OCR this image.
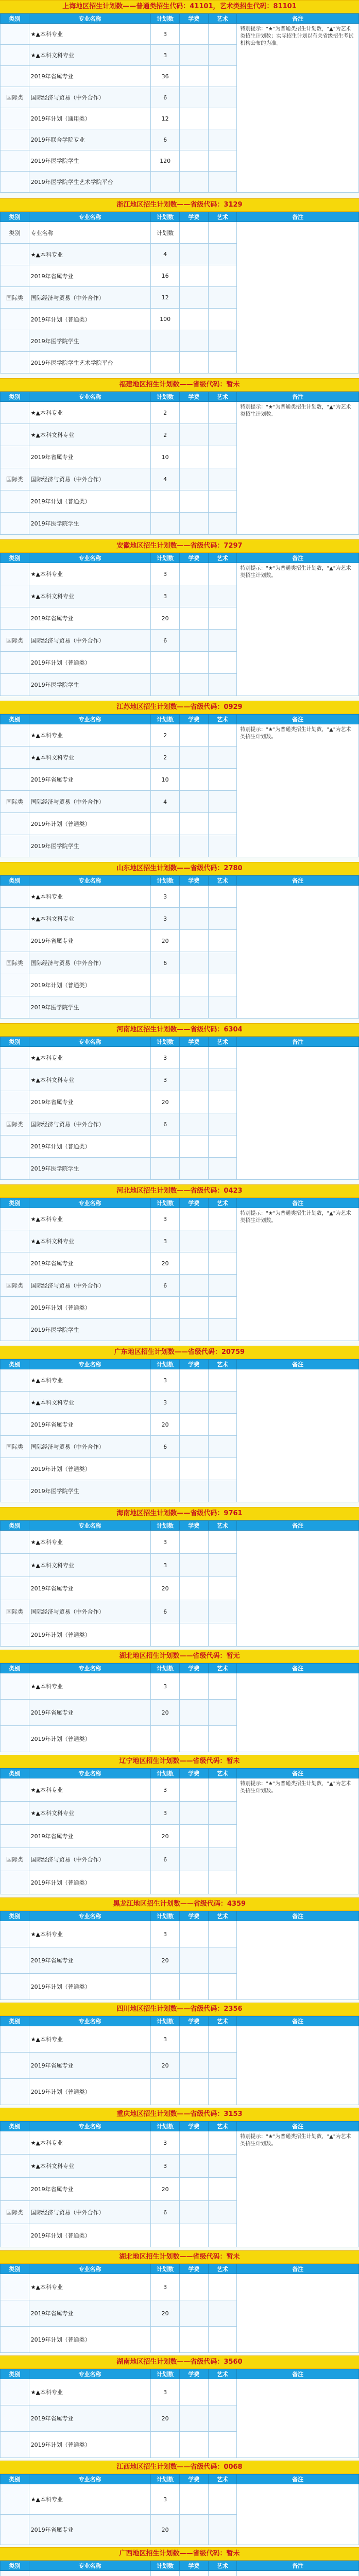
上海地区招生计划数——普通类招生代码：41101，艺术类招生代码：81101
类别	专业名称	计划数	学费	艺术	备注
	★▲本科专业	3			特别提示："★"为普通类招生计划数，"▲"为艺术类招生计划数；实际招生计划以有关省级招生考试机构公布的为准。
	★▲本科文科专业	3			
	2019年省属专业	36			
国际类	国际经济与贸易（中外合作）	6			
	2019年计划（通用类）	12			
	2019年联合学院专业	6			
	2019年医学院学生	120			
	2019年医学院学生艺术学院平台				
浙江地区招生计划数——省级代码：3129
类别	专业名称	计划数	学费	艺术	备注
类别	专业名称	计划数			
	★▲本科专业	4			
	2019年省属专业	16			
国际类	国际经济与贸易（中外合作）	12			
	2019年计划（普通类）	100			
	2019年医学院学生				
	2019年医学院学生艺术学院平台				
福建地区招生计划数——省级代码：暂未
类别	专业名称	计划数	学费	艺术	备注
	★▲本科专业	2			特别提示："★"为普通类招生计划数，"▲"为艺术类招生计划数。
	★▲本科文科专业	2			
	2019年省属专业	10			
国际类	国际经济与贸易（中外合作）	4			
	2019年计划（普通类）				
	2019年医学院学生				
安徽地区招生计划数——省级代码：7297
类别	专业名称	计划数	学费	艺术	备注
	★▲本科专业	3			特别提示："★"为普通类招生计划数，"▲"为艺术类招生计划数。
	★▲本科文科专业	3			
	2019年省属专业	20			
国际类	国际经济与贸易（中外合作）	6			
	2019年计划（普通类）				
	2019年医学院学生				
江苏地区招生计划数——省级代码：0929
类别	专业名称	计划数	学费	艺术	备注
	★▲本科专业	2			特别提示："★"为普通类招生计划数，"▲"为艺术类招生计划数。
	★▲本科文科专业	2			
	2019年省属专业	10			
国际类	国际经济与贸易（中外合作）	4			
	2019年计划（普通类）				
	2019年医学院学生				
山东地区招生计划数——省级代码：2780
类别	专业名称	计划数	学费	艺术	备注
	★▲本科专业	3			
	★▲本科文科专业	3			
	2019年省属专业	20			
国际类	国际经济与贸易（中外合作）	6			
	2019年计划（普通类）				
	2019年医学院学生				
河南地区招生计划数——省级代码：6304
类别	专业名称	计划数	学费	艺术	备注
	★▲本科专业	3			
	★▲本科文科专业	3			
	2019年省属专业	20			
国际类	国际经济与贸易（中外合作）	6			
	2019年计划（普通类）				
	2019年医学院学生				
河北地区招生计划数——省级代码：0423
类别	专业名称	计划数	学费	艺术	备注
	★▲本科专业	3			特别提示："★"为普通类招生计划数，"▲"为艺术类招生计划数。
	★▲本科文科专业	3			
	2019年省属专业	20			
国际类	国际经济与贸易（中外合作）	6			
	2019年计划（普通类）				
	2019年医学院学生				
广东地区招生计划数——省级代码：20759
类别	专业名称	计划数	学费	艺术	备注
	★▲本科专业	3			
	★▲本科文科专业	3			
	2019年省属专业	20			
国际类	国际经济与贸易（中外合作）	6			
	2019年计划（普通类）				
	2019年医学院学生				
海南地区招生计划数——省级代码：9761
类别	专业名称	计划数	学费	艺术	备注
	★▲本科专业	3			
	★▲本科文科专业	3			
	2019年省属专业	20			
国际类	国际经济与贸易（中外合作）	6			
	2019年计划（普通类）				
湖北地区招生计划数——省级代码：暂无
类别	专业名称	计划数	学费	艺术	备注
	★▲本科专业	3			
	2019年省属专业	20			
	2019年计划（普通类）				
辽宁地区招生计划数——省级代码：暂未
类别	专业名称	计划数	学费	艺术	备注
	★▲本科专业	3			特别提示："★"为普通类招生计划数，"▲"为艺术类招生计划数。
	★▲本科文科专业	3			
	2019年省属专业	20			
国际类	国际经济与贸易（中外合作）	6			
	2019年计划（普通类）				
黑龙江地区招生计划数——省级代码：4359
类别	专业名称	计划数	学费	艺术	备注
	★▲本科专业	3			
	2019年省属专业	20			
	2019年计划（普通类）				
四川地区招生计划数——省级代码：2356
类别	专业名称	计划数	学费	艺术	备注
	★▲本科专业	3			
	2019年省属专业	20			
	2019年计划（普通类）				
重庆地区招生计划数——省级代码：3153
类别	专业名称	计划数	学费	艺术	备注
	★▲本科专业	3			特别提示："★"为普通类招生计划数，"▲"为艺术类招生计划数。
	★▲本科文科专业	3			
	2019年省属专业	20			
国际类	国际经济与贸易（中外合作）	6			
	2019年计划（普通类）				
湖北地区招生计划数——省级代码：暂未
类别	专业名称	计划数	学费	艺术	备注
	★▲本科专业	3			
	2019年省属专业	20			
	2019年计划（普通类）				
湖南地区招生计划数——省级代码：3560
类别	专业名称	计划数	学费	艺术	备注
	★▲本科专业	3			
	2019年省属专业	20			
	2019年计划（普通类）				
江西地区招生计划数——省级代码：0068
类别	专业名称	计划数	学费	艺术	备注
	★▲本科专业	3			
	2019年省属专业	20			
广西地区招生计划数——省级代码：暂未
类别	专业名称	计划数	学费	艺术	备注
